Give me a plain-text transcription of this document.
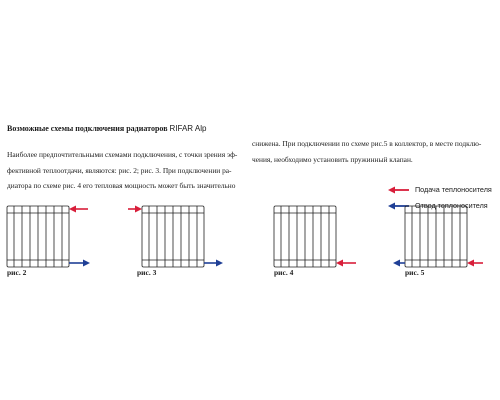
Возможные схемы подключения радиаторов RIFAR Alp

Наиболее предпочтительными схемами подключения, с точки зрения эф-

фективной теплоотдачи, являются: рис. 2; рис. 3. При подключении ра-

диатора по схеме рис. 4 его тепловая мощность может быть значительно

снижена. При подключении по схеме рис.5 в коллектор, в месте подклю-

чения, необходимо установить пружинный клапан.

Подача теплоносителя
Отвод теплоносителя
рис. 2	рис. 3	рис. 4	рис. 5
